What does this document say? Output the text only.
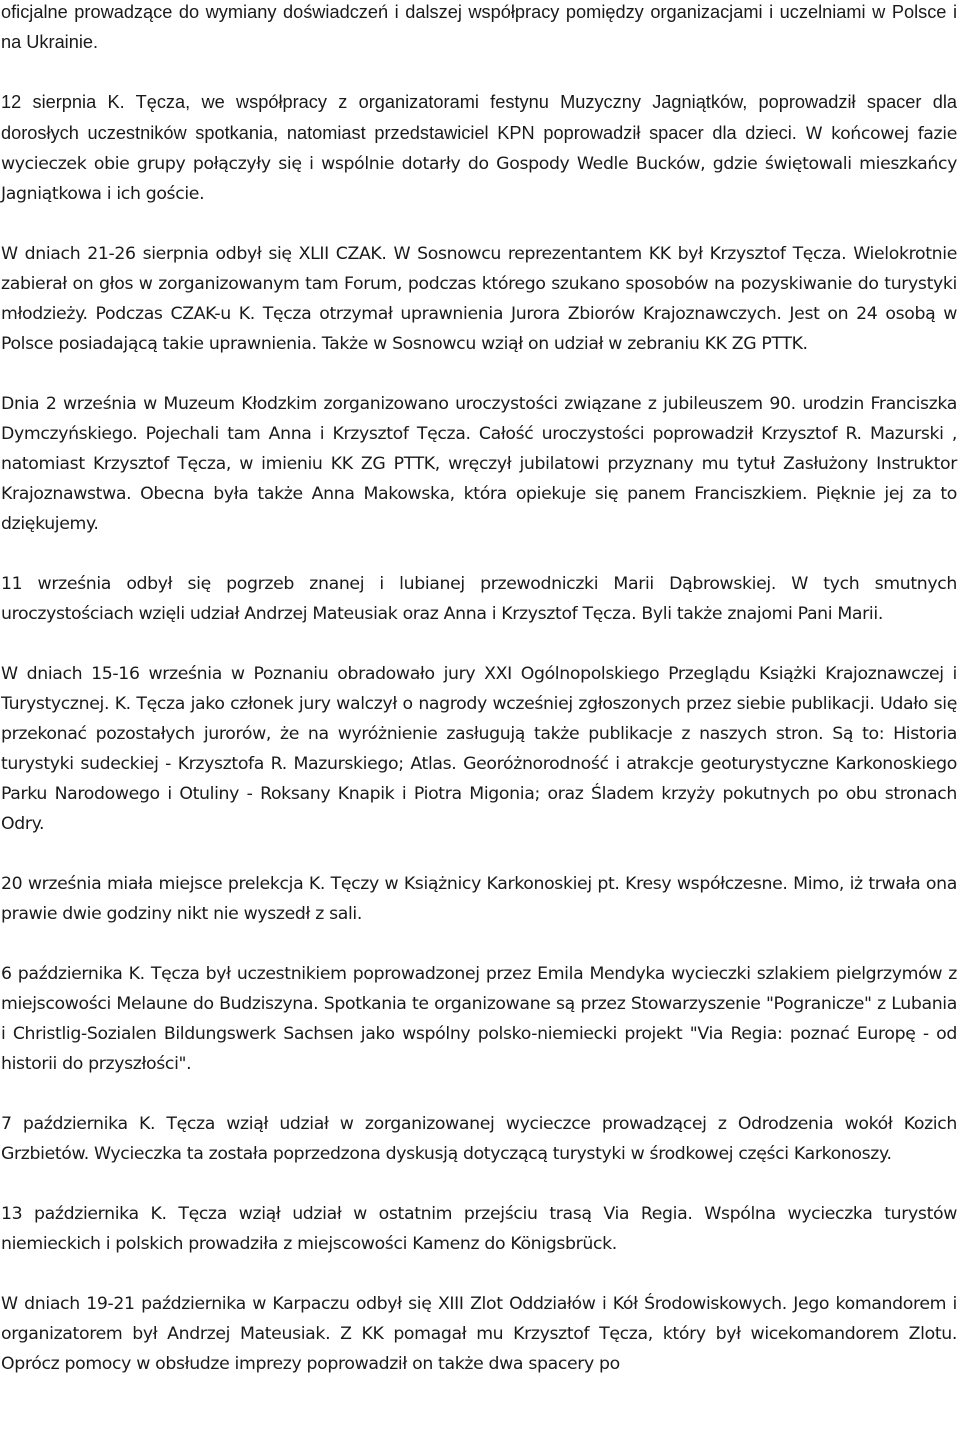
oficjalne prowadzące do wymiany doświadczeń i dalszej współpracy pomiędzy organizacjami i uczelniami w Polsce i na Ukrainie.

12 sierpnia K. Tęcza, we współpracy z organizatorami festynu Muzyczny Jagniątków, poprowadził spacer dla dorosłych uczestników spotkania, natomiast przedstawiciel KPN poprowadził spacer dla dzieci. W końcowej fazie wycieczek obie grupy połączyły się i wspólnie dotarły do Gospody Wedle Bucków, gdzie świętowali mieszkańcy Jagniątkowa i ich goście.

W dniach 21-26 sierpnia odbył się XLII CZAK. W Sosnowcu reprezentantem KK był Krzysztof Tęcza. Wielokrotnie zabierał on głos w zorganizowanym tam Forum, podczas którego szukano sposobów na pozyskiwanie do turystyki młodzieży. Podczas CZAK-u K. Tęcza otrzymał uprawnienia Jurora Zbiorów Krajoznawczych. Jest on 24 osobą w Polsce posiadającą takie uprawnienia. Także w Sosnowcu wziął on udział w zebraniu KK ZG PTTK.

Dnia 2 września w Muzeum Kłodzkim zorganizowano uroczystości związane z jubileuszem 90. urodzin Franciszka Dymczyńskiego. Pojechali tam Anna i Krzysztof Tęcza. Całość uroczystości poprowadził Krzysztof R. Mazurski , natomiast Krzysztof Tęcza, w imieniu KK ZG PTTK, wręczył jubilatowi przyznany mu tytuł Zasłużony Instruktor Krajoznawstwa. Obecna była także Anna Makowska, która opiekuje się panem Franciszkiem. Pięknie jej za to dziękujemy.

11 września odbył się pogrzeb znanej i lubianej przewodniczki Marii Dąbrowskiej. W tych smutnych uroczystościach wzięli udział Andrzej Mateusiak oraz Anna i Krzysztof Tęcza. Byli także znajomi Pani Marii.

W dniach 15-16 września w Poznaniu obradowało jury XXI Ogólnopolskiego Przeglądu Książki Krajoznawczej i Turystycznej. K. Tęcza jako członek jury walczył o nagrody wcześniej zgłoszonych przez siebie publikacji. Udało się przekonać pozostałych jurorów, że na wyróżnienie zasługują także publikacje z naszych stron. Są to: Historia turystyki sudeckiej - Krzysztofa R. Mazurskiego; Atlas. Georóżnorodność i atrakcje geoturystyczne Karkonoskiego Parku Narodowego i Otuliny - Roksany Knapik i Piotra Migonia; oraz Śladem krzyży pokutnych po obu stronach Odry.

20 września miała miejsce prelekcja K. Tęczy w Książnicy Karkonoskiej pt. Kresy współczesne. Mimo, iż trwała ona prawie dwie godziny nikt nie wyszedł z sali.

6 października K. Tęcza był uczestnikiem poprowadzonej przez Emila Mendyka wycieczki szlakiem pielgrzymów z miejscowości Melaune do Budziszyna. Spotkania te organizowane są przez Stowarzyszenie "Pogranicze" z Lubania i Christlig-Sozialen Bildungswerk Sachsen jako wspólny polsko-niemiecki projekt "Via Regia: poznać Europę - od historii do przyszłości".

7 października K. Tęcza wziął udział w zorganizowanej wycieczce prowadzącej z Odrodzenia wokół Kozich Grzbietów. Wycieczka ta została poprzedzona dyskusją dotyczącą turystyki w środkowej części Karkonoszy.

13 października K. Tęcza wziął udział w ostatnim przejściu trasą Via Regia. Wspólna wycieczka turystów niemieckich i polskich prowadziła z miejscowości Kamenz do Königsbrück.

W dniach 19-21 października w Karpaczu odbył się XIII Zlot Oddziałów i Kół Środowiskowych. Jego komandorem i organizatorem był Andrzej Mateusiak. Z KK pomagał mu Krzysztof Tęcza, który był wicekomandorem Zlotu. Oprócz pomocy w obsłudze imprezy poprowadził on także dwa spacery po
